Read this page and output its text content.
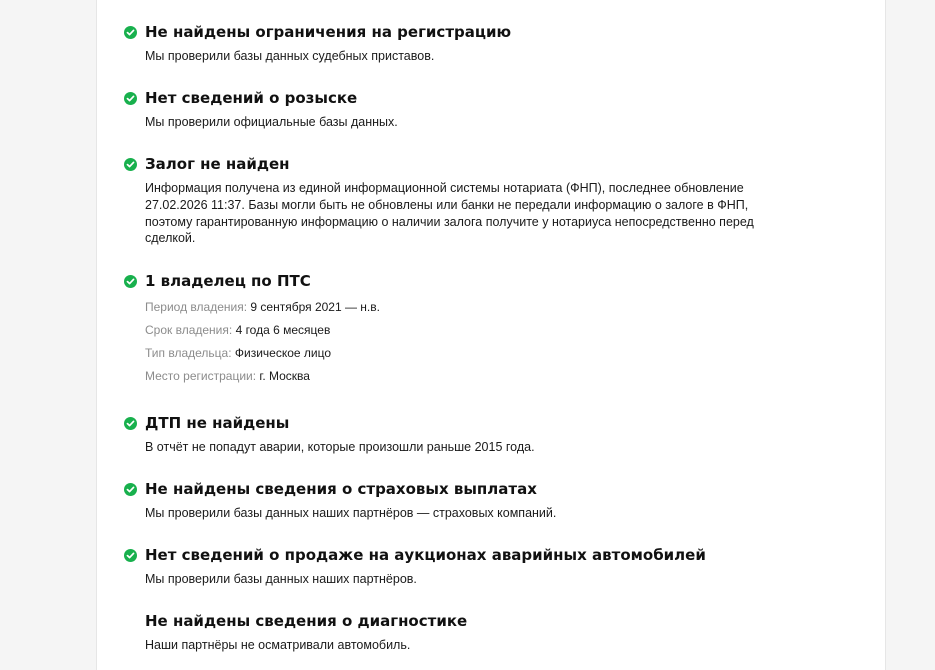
Не найдены ограничения на регистрацию
Мы проверили базы данных судебных приставов.
Нет сведений о розыске
Мы проверили официальные базы данных.
Залог не найден
Информация получена из единой информационной системы нотариата (ФНП), последнее обновление 27.02.2026 11:37. Базы могли быть не обновлены или банки не передали информацию о залоге в ФНП, поэтому гарантированную информацию о наличии залога получите у нотариуса непосредственно перед сделкой.
1 владелец по ПТС
Период владения: 9 сентября 2021 — н.в.
Срок владения: 4 года 6 месяцев
Тип владельца: Физическое лицо
Место регистрации: г. Москва
ДТП не найдены
В отчёт не попадут аварии, которые произошли раньше 2015 года.
Не найдены сведения о страховых выплатах
Мы проверили базы данных наших партнёров — страховых компаний.
Нет сведений о продаже на аукционах аварийных автомобилей
Мы проверили базы данных наших партнёров.
Не найдены сведения о диагностике
Наши партнёры не осматривали автомобиль.
